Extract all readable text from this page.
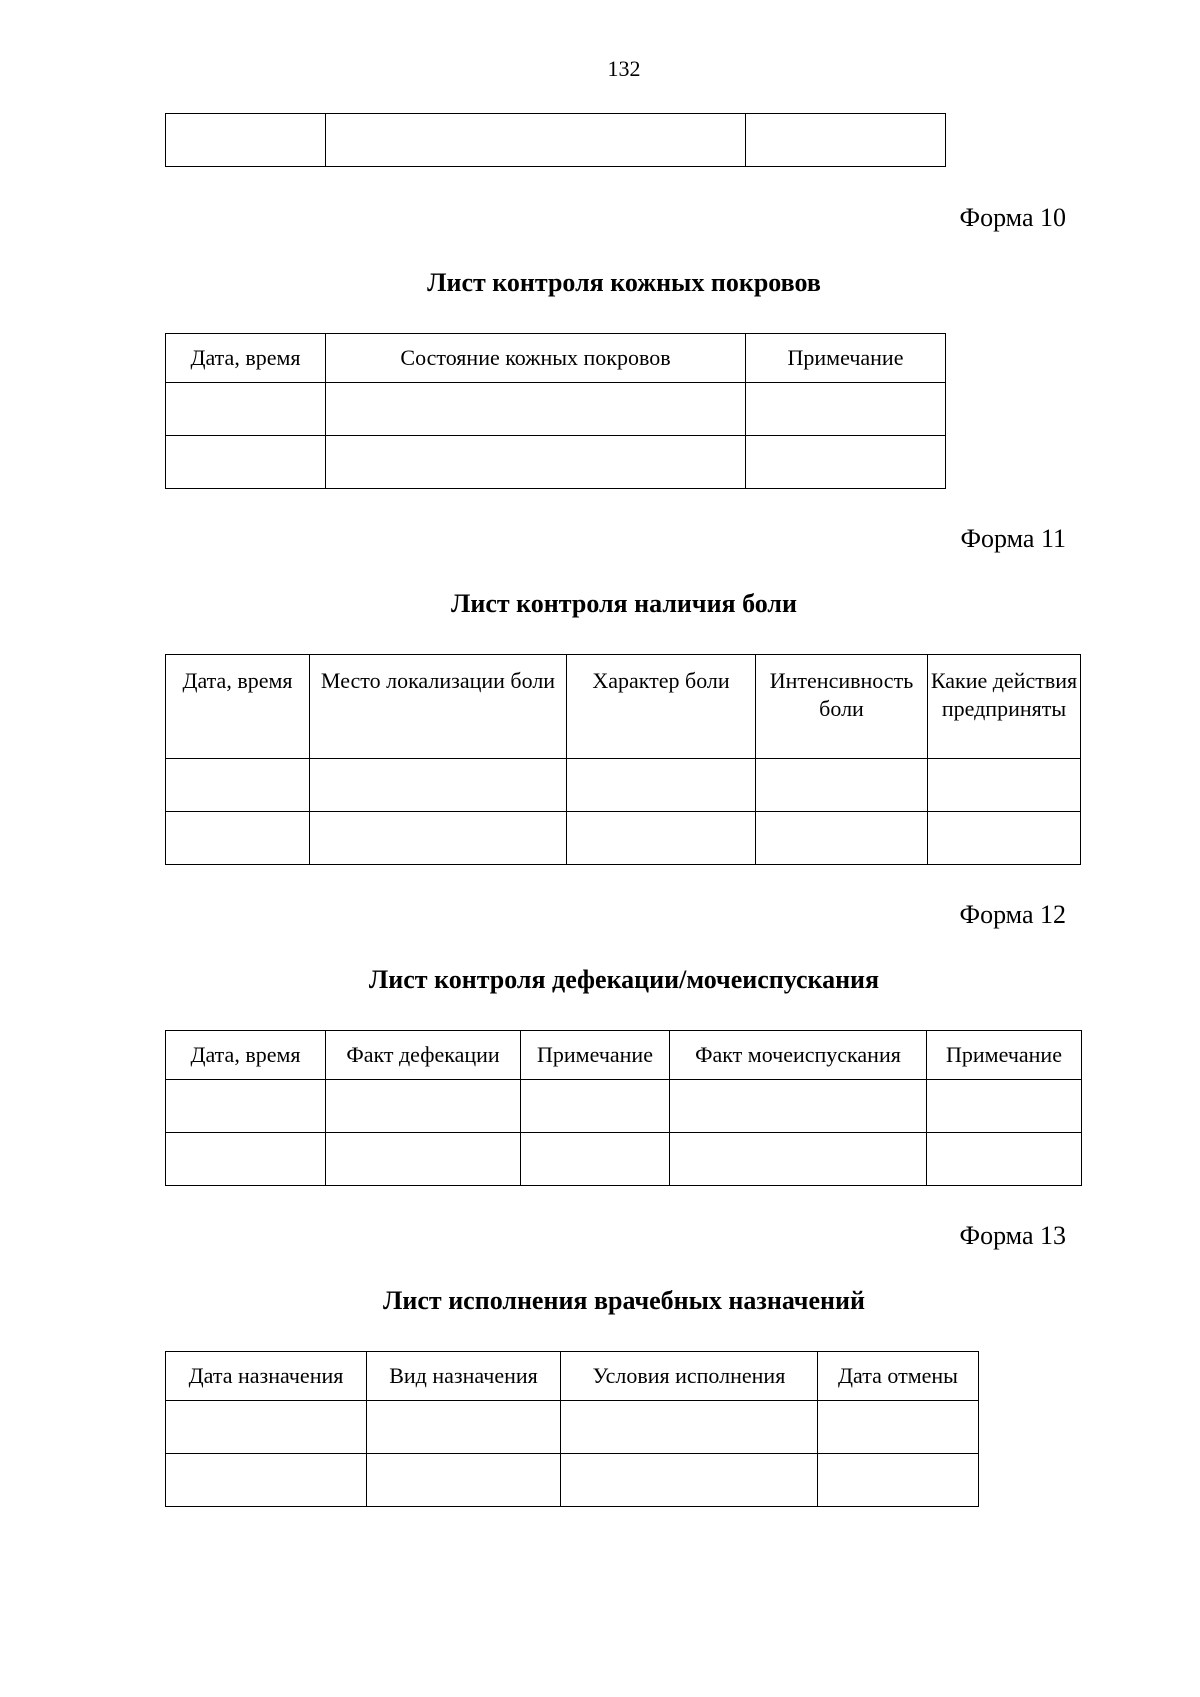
132

Форма 10
Лист контроля кожных покровов
Дата, время	Состояние кожных покровов	Примечание

Форма 11
Лист контроля наличия боли
Дата, время	Место локализации боли	Характер боли	Интенсивность боли	Какие действия предприняты

Форма 12
Лист контроля дефекации/мочеиспускания
Дата, время	Факт дефекации	Примечание	Факт мочеиспускания	Примечание

Форма 13
Лист исполнения врачебных назначений
Дата назначения	Вид назначения	Условия исполнения	Дата отмены
